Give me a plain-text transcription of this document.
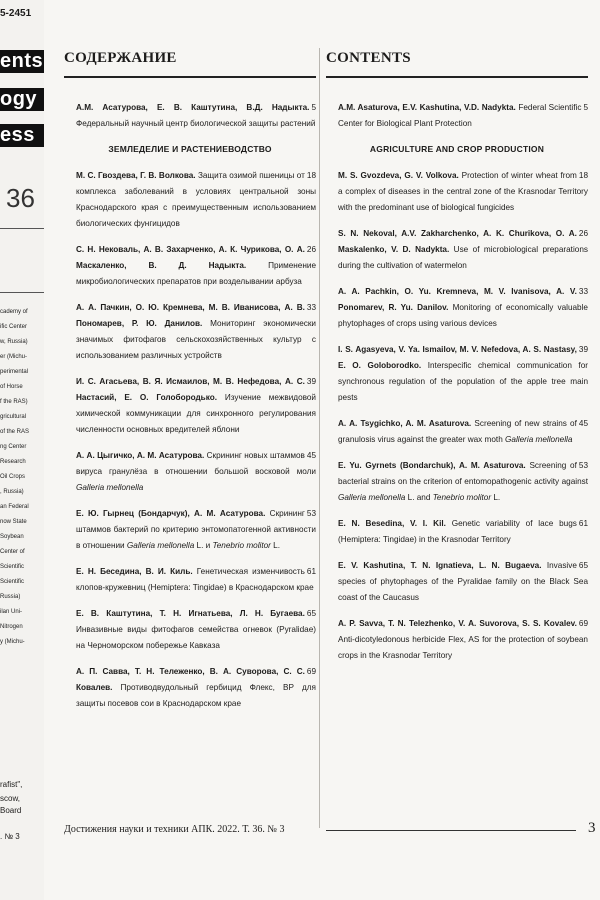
5-2451
ents
ogy
ess
36
cademy of
ific Center
w, Russia)
er (Michu-
perimental
of Horse
f the RAS)
gricultural
of the RAS
ng Center
Research
Oil Crops
, Russia)
an Federal
now State
Soybean
Center of
Scientific
Scientific
Russia)
ilan Uni-
Nitrogen
y (Michu-
rafist",
scow,
Board
. № 3
СОДЕРЖАНИЕ
5
А.М. Асатурова, Е. В. Каштутина, В.Д. Надыкта. Федеральный научный центр биологической защиты растений
ЗЕМЛЕДЕЛИЕ И РАСТЕНИЕВОДСТВО
18
М. С. Гвоздева, Г. В. Волкова. Защита озимой пшеницы от комплекса заболеваний в условиях центральной зоны Краснодарского края с преимущественным использованием биологических фунгицидов
26
С. Н. Нековаль, А. В. Захарченко, А. К. Чурикова, О. А. Маскаленко, В. Д. Надыкта.	Применение микробиологических препаратов при возделывании арбуза
33
А. А. Пачкин, О. Ю. Кремнева, М. В. Иванисова, А. В. Пономарев, Р. Ю. Данилов. Мониторинг экономически значимых фитофагов сельскохозяйственных культур с использованием различных устройств
39
И. С. Агасьева, В. Я. Исмаилов, М. В. Нефедова, А. С. Настасий, Е. О. Голобородько. Изучение межвидовой химической коммуникации для синхронного регулирования численности основных вредителей яблони
45
А. А. Цыгичко, А. М. Асатурова. Скрининг новых штаммов вируса гранулёза в отношении большой восковой моли Galleria mellonella
53
Е. Ю. Гырнец (Бондарчук), А. М. Асатурова. Скрининг штаммов бактерий по критерию энтомопатогенной активности в отношении Galleria mellonella L. и Tenebrio molitor L.
61
Е. Н. Беседина, В. И. Киль. Генетическая изменчивость клопов-кружевниц (Hemiptera: Tingidae) в Краснодарском крае
65
Е. В. Каштутина, Т. Н. Игнатьева, Л. Н. Бугаева. Инвазивные виды фитофагов семейства огневок (Pyralidae) на Черноморском побережье Кавказа
69
А. П. Савва, Т. Н. Тележенко, В. А. Суворова, С. С. Ковалев. Противодвудольный гербицид Флекс, ВР для защиты посевов сои в Краснодарском крае
CONTENTS
5
A.M. Asaturova, E.V. Kashutina, V.D. Nadykta. Federal Scientific Center for Biological Plant Protection
AGRICULTURE AND CROP PRODUCTION
18
M. S. Gvozdeva, G. V. Volkova. Protection of winter wheat from a complex of diseases in the central zone of the Krasnodar Territory with the predominant use of biological fungicides
26
S. N. Nekoval, A.V. Zakharchenko, A. K. Churikova, O. A. Maskalenko, V. D. Nadykta. Use of microbiological preparations during the cultivation of watermelon
33
A. A. Pachkin, O. Yu. Kremneva, M. V. Ivanisova, A. V. Ponomarev, R. Yu. Danilov. Monitoring of economically valuable phytophages of crops using various devices
39
I. S. Agasyeva, V. Ya. Ismailov, M. V. Nefedova, A. S. Nastasy, E. O. Goloborodko. Interspecific chemical communication for synchronous regulation of the population of the apple tree main pests
45
A. A. Tsygichko, A. M. Asaturova. Screening of new strains of granulosis virus against the greater wax moth Galleria mellonella
53
E. Yu. Gyrnets (Bondarchuk), A. M. Asaturova. Screening of bacterial strains on the criterion of entomopathogenic activity against Galleria mellonella L. and Tenebrio molitor L.
61
E. N. Besedina, V. I. Kil. Genetic variability of lace bugs (Hemiptera: Tingidae) in the Krasnodar Territory
65
E. V. Kashutina, T. N. Ignatieva, L. N. Bugaeva. Invasive species of phytophages of the Pyralidae family on the Black Sea coast of the Caucasus
69
A. P. Savva, T. N. Telezhenko, V. A. Suvorova, S. S. Kovalev. Anti-dicotyledonous herbicide Flex, AS for the protection of soybean crops in the Krasnodar Territory
Достижения науки и техники АПК. 2022. Т. 36. № 3	3
